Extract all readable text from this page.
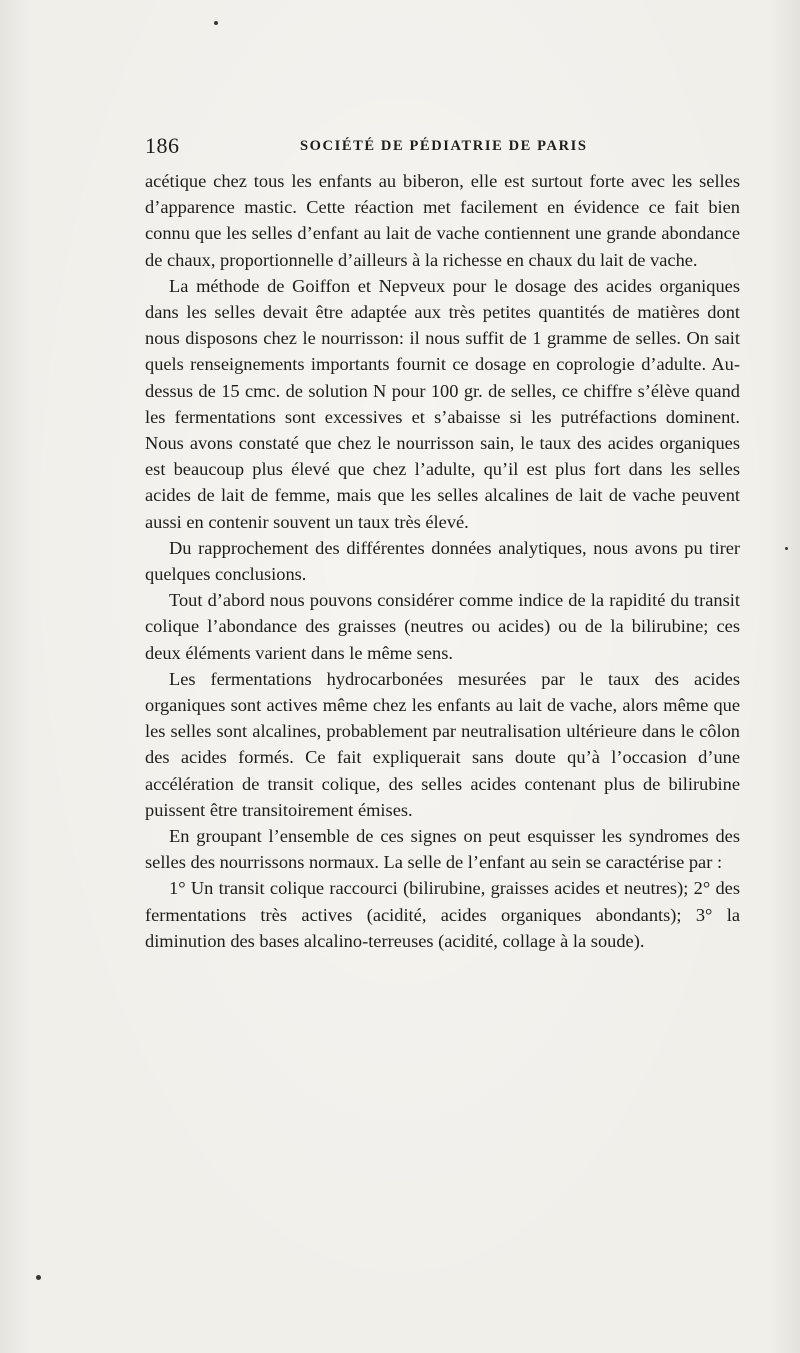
186	SOCIÉTÉ DE PÉDIATRIE DE PARIS

acétique chez tous les enfants au biberon, elle est surtout forte avec les selles d’apparence mastic. Cette réaction met facilement en évidence ce fait bien connu que les selles d’enfant au lait de vache contiennent une grande abondance de chaux, proportionnelle d’ailleurs à la richesse en chaux du lait de vache.

La méthode de Goiffon et Nepveux pour le dosage des acides organiques dans les selles devait être adaptée aux très petites quantités de matières dont nous disposons chez le nourrisson: il nous suffit de 1 gramme de selles. On sait quels renseignements importants fournit ce dosage en coprologie d’adulte. Au-dessus de 15 cmc. de solution N pour 100 gr. de selles, ce chiffre s’élève quand les fermentations sont excessives et s’abaisse si les putréfactions dominent. Nous avons constaté que chez le nourrisson sain, le taux des acides organiques est beaucoup plus élevé que chez l’adulte, qu’il est plus fort dans les selles acides de lait de femme, mais que les selles alcalines de lait de vache peuvent aussi en contenir souvent un taux très élevé.

Du rapprochement des différentes données analytiques, nous avons pu tirer quelques conclusions.

Tout d’abord nous pouvons considérer comme indice de la rapidité du transit colique l’abondance des graisses (neutres ou acides) ou de la bilirubine; ces deux éléments varient dans le même sens.

Les fermentations hydrocarbonées mesurées par le taux des acides organiques sont actives même chez les enfants au lait de vache, alors même que les selles sont alcalines, probablement par neutralisation ultérieure dans le côlon des acides formés. Ce fait expliquerait sans doute qu’à l’occasion d’une accélération de transit colique, des selles acides contenant plus de bilirubine puissent être transitoirement émises.

En groupant l’ensemble de ces signes on peut esquisser les syndromes des selles des nourrissons normaux. La selle de l’enfant au sein se caractérise par :

1° Un transit colique raccourci (bilirubine, graisses acides et neutres); 2° des fermentations très actives (acidité, acides organiques abondants); 3° la diminution des bases alcalino-terreuses (acidité, collage à la soude).
